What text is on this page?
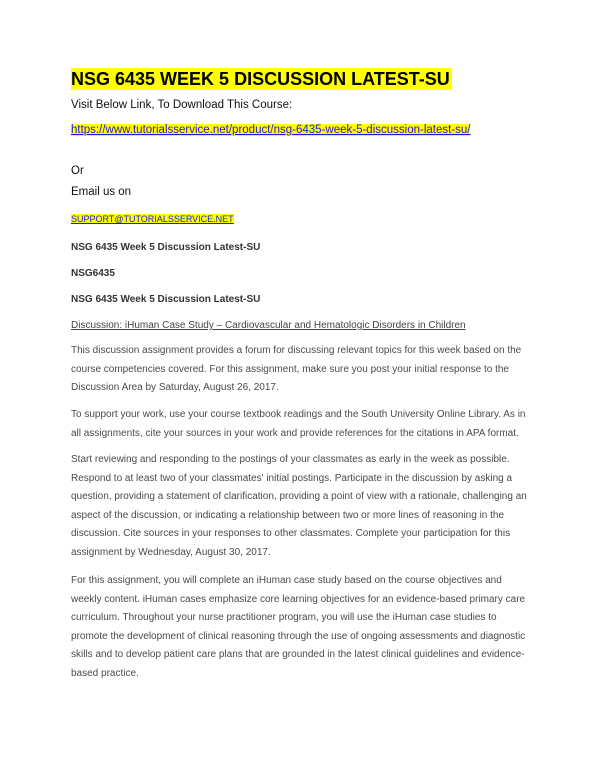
NSG 6435 WEEK 5 DISCUSSION LATEST-SU
Visit Below Link, To Download This Course:
https://www.tutorialsservice.net/product/nsg-6435-week-5-discussion-latest-su/
Or
Email us on
SUPPORT@TUTORIALSSERVICE.NET
NSG 6435 Week 5 Discussion Latest-SU
NSG6435
NSG 6435 Week 5 Discussion Latest-SU
Discussion: iHuman Case Study – Cardiovascular and Hematologic Disorders in Children

This discussion assignment provides a forum for discussing relevant topics for this week based on the course competencies covered. For this assignment, make sure you post your initial response to the Discussion Area by Saturday, August 26, 2017.

To support your work, use your course textbook readings and the South University Online Library. As in all assignments, cite your sources in your work and provide references for the citations in APA format.

Start reviewing and responding to the postings of your classmates as early in the week as possible. Respond to at least two of your classmates' initial postings. Participate in the discussion by asking a question, providing a statement of clarification, providing a point of view with a rationale, challenging an aspect of the discussion, or indicating a relationship between two or more lines of reasoning in the discussion. Cite sources in your responses to other classmates. Complete your participation for this assignment by Wednesday, August 30, 2017.

For this assignment, you will complete an iHuman case study based on the course objectives and weekly content. iHuman cases emphasize core learning objectives for an evidence-based primary care curriculum. Throughout your nurse practitioner program, you will use the iHuman case studies to promote the development of clinical reasoning through the use of ongoing assessments and diagnostic skills and to develop patient care plans that are grounded in the latest clinical guidelines and evidence-based practice.
